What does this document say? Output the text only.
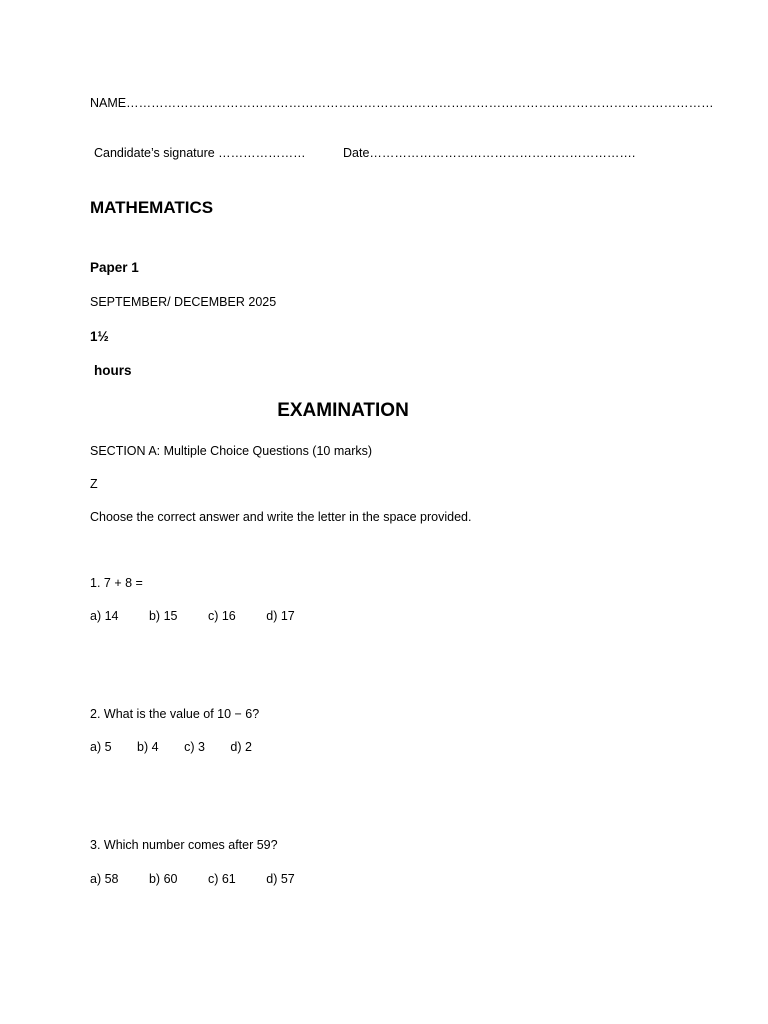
NAME……………………………………………………………………………………………………………………………
Candidate’s signature …………………	Date……………………………………………………….
MATHEMATICS
Paper 1
SEPTEMBER/ DECEMBER 2025
1½
hours
EXAMINATION
SECTION A: Multiple Choice Questions (10 marks)
Z
Choose the correct answer and write the letter in the space provided.
1. 7 + 8 =
a) 14 b) 15 c) 16 d) 17
2. What is the value of 10 − 6?
a) 5 b) 4 c) 3 d) 2
3. Which number comes after 59?
a) 58 b) 60 c) 61 d) 57
